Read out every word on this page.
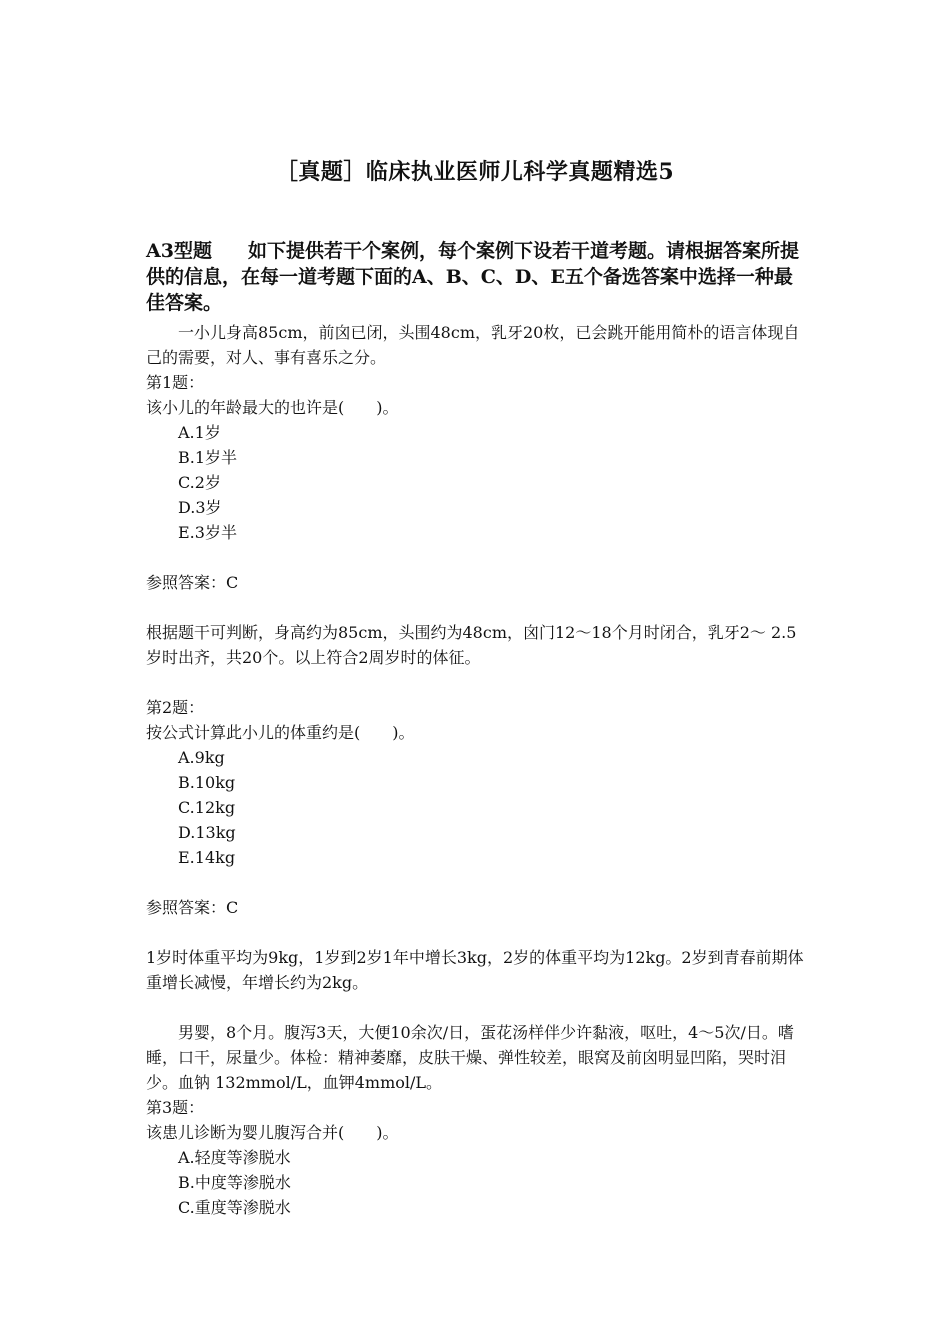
［真题］临床执业医师儿科学真题精选5
A3型题 如下提供若干个案例，每个案例下设若干道考题。请根据答案所提供的信息，在每一道考题下面的A、B、C、D、E五个备选答案中选择一种最佳答案。

一小儿身高85cm，前囟已闭，头围48cm，乳牙20枚，已会跳开能用简朴的语言体现自己的需要，对人、事有喜乐之分。

第1题：

该小儿的年龄最大的也许是(　　)。

A.1岁

B.1岁半

C.2岁

D.3岁

E.3岁半

参照答案：C

根据题干可判断，身高约为85cm，头围约为48cm，囟门12～18个月时闭合，乳牙2～ 2.5岁时出齐，共20个。以上符合2周岁时的体征。

第2题：

按公式计算此小儿的体重约是(　　)。

A.9kg

B.10kg

C.12kg

D.13kg

E.14kg

参照答案：C

1岁时体重平均为9kg，1岁到2岁1年中增长3kg，2岁的体重平均为12kg。2岁到青春前期体重增长减慢，年增长约为2kg。

男婴，8个月。腹泻3天，大便10余次/日，蛋花汤样伴少许黏液，呕吐，4～5次/日。嗜睡，口干，尿量少。体检：精神萎靡，皮肤干燥、弹性较差，眼窝及前囟明显凹陷，哭时泪少。血钠 132mmol/L，血钾4mmol/L。

第3题：

该患儿诊断为婴儿腹泻合并(　　)。

A.轻度等渗脱水

B.中度等渗脱水

C.重度等渗脱水
